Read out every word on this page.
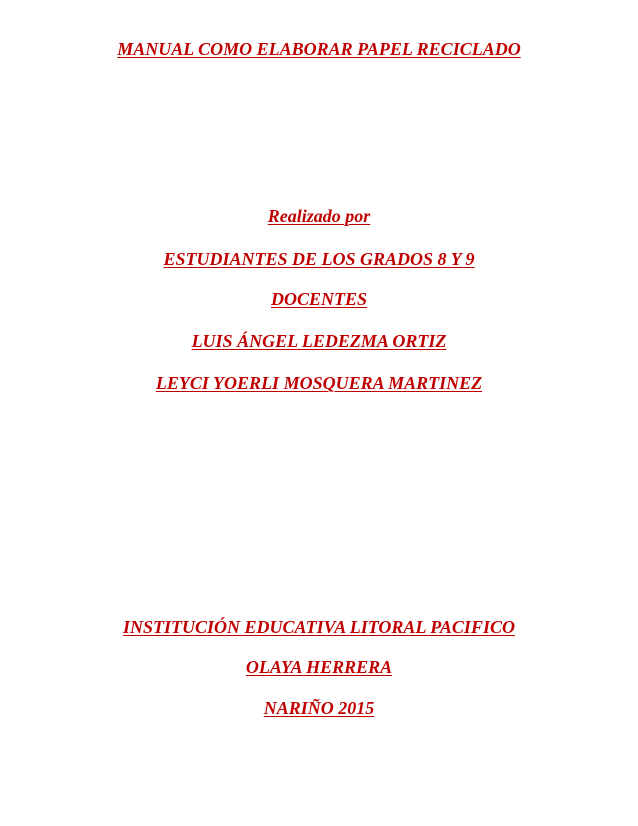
MANUAL COMO ELABORAR PAPEL RECICLADO
Realizado por
ESTUDIANTES DE LOS GRADOS 8 Y 9
DOCENTES
LUIS ÁNGEL LEDEZMA ORTIZ
LEYCI YOERLI MOSQUERA MARTINEZ
INSTITUCIÓN EDUCATIVA LITORAL PACIFICO
OLAYA HERRERA
NARIÑO 2015
